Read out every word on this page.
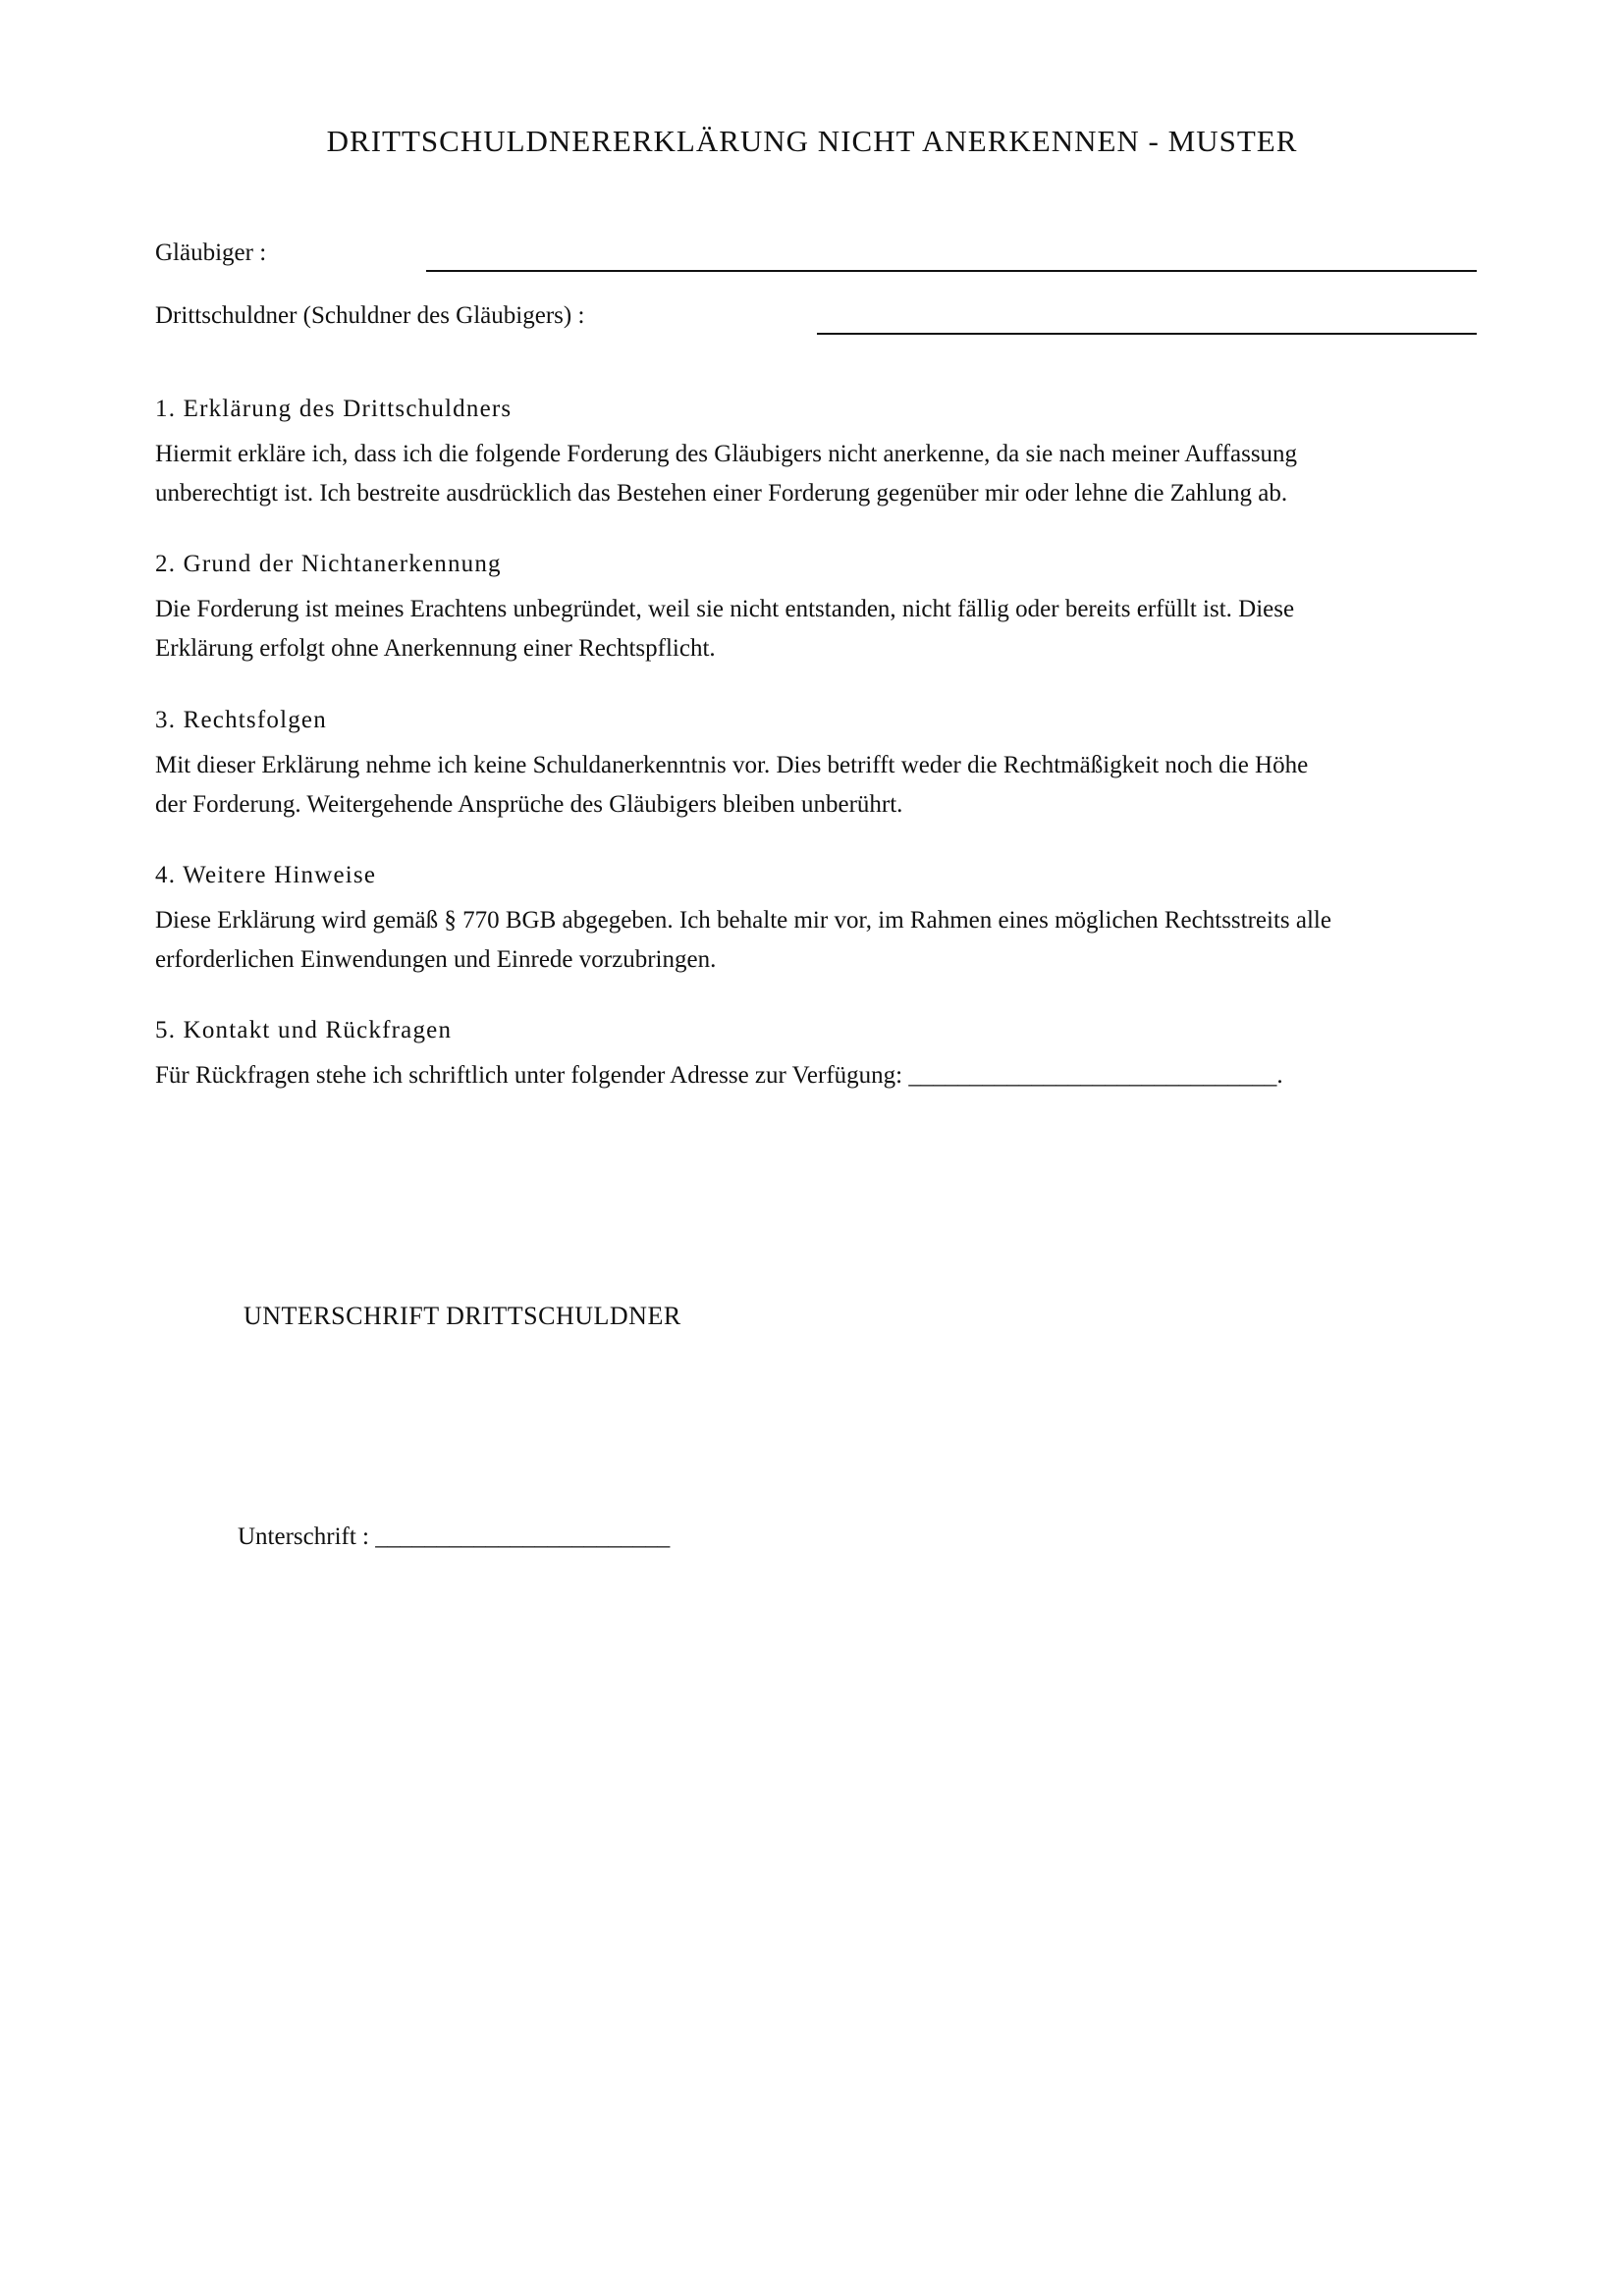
DRITTSCHULDNERERKLÄRUNG NICHT ANERKENNEN - MUSTER
Gläubiger :
Drittschuldner (Schuldner des Gläubigers) :
1. Erklärung des Drittschuldners

Hiermit erkläre ich, dass ich die folgende Forderung des Gläubigers nicht anerkenne, da sie nach meiner Auffassung
unberechtigt ist. Ich bestreite ausdrücklich das Bestehen einer Forderung gegenüber mir oder lehne die Zahlung ab.

2. Grund der Nichtanerkennung

Die Forderung ist meines Erachtens unbegründet, weil sie nicht entstanden, nicht fällig oder bereits erfüllt ist. Diese
Erklärung erfolgt ohne Anerkennung einer Rechtspflicht.

3. Rechtsfolgen

Mit dieser Erklärung nehme ich keine Schuldanerkenntnis vor. Dies betrifft weder die Rechtmäßigkeit noch die Höhe
der Forderung. Weitergehende Ansprüche des Gläubigers bleiben unberührt.

4. Weitere Hinweise

Diese Erklärung wird gemäß § 770 BGB abgegeben. Ich behalte mir vor, im Rahmen eines möglichen Rechtsstreits alle
erforderlichen Einwendungen und Einrede vorzubringen.

5. Kontakt und Rückfragen

Für Rückfragen stehe ich schriftlich unter folgender Adresse zur Verfügung: ______________________________.

UNTERSCHRIFT DRITTSCHULDNER
Unterschrift : ________________________
